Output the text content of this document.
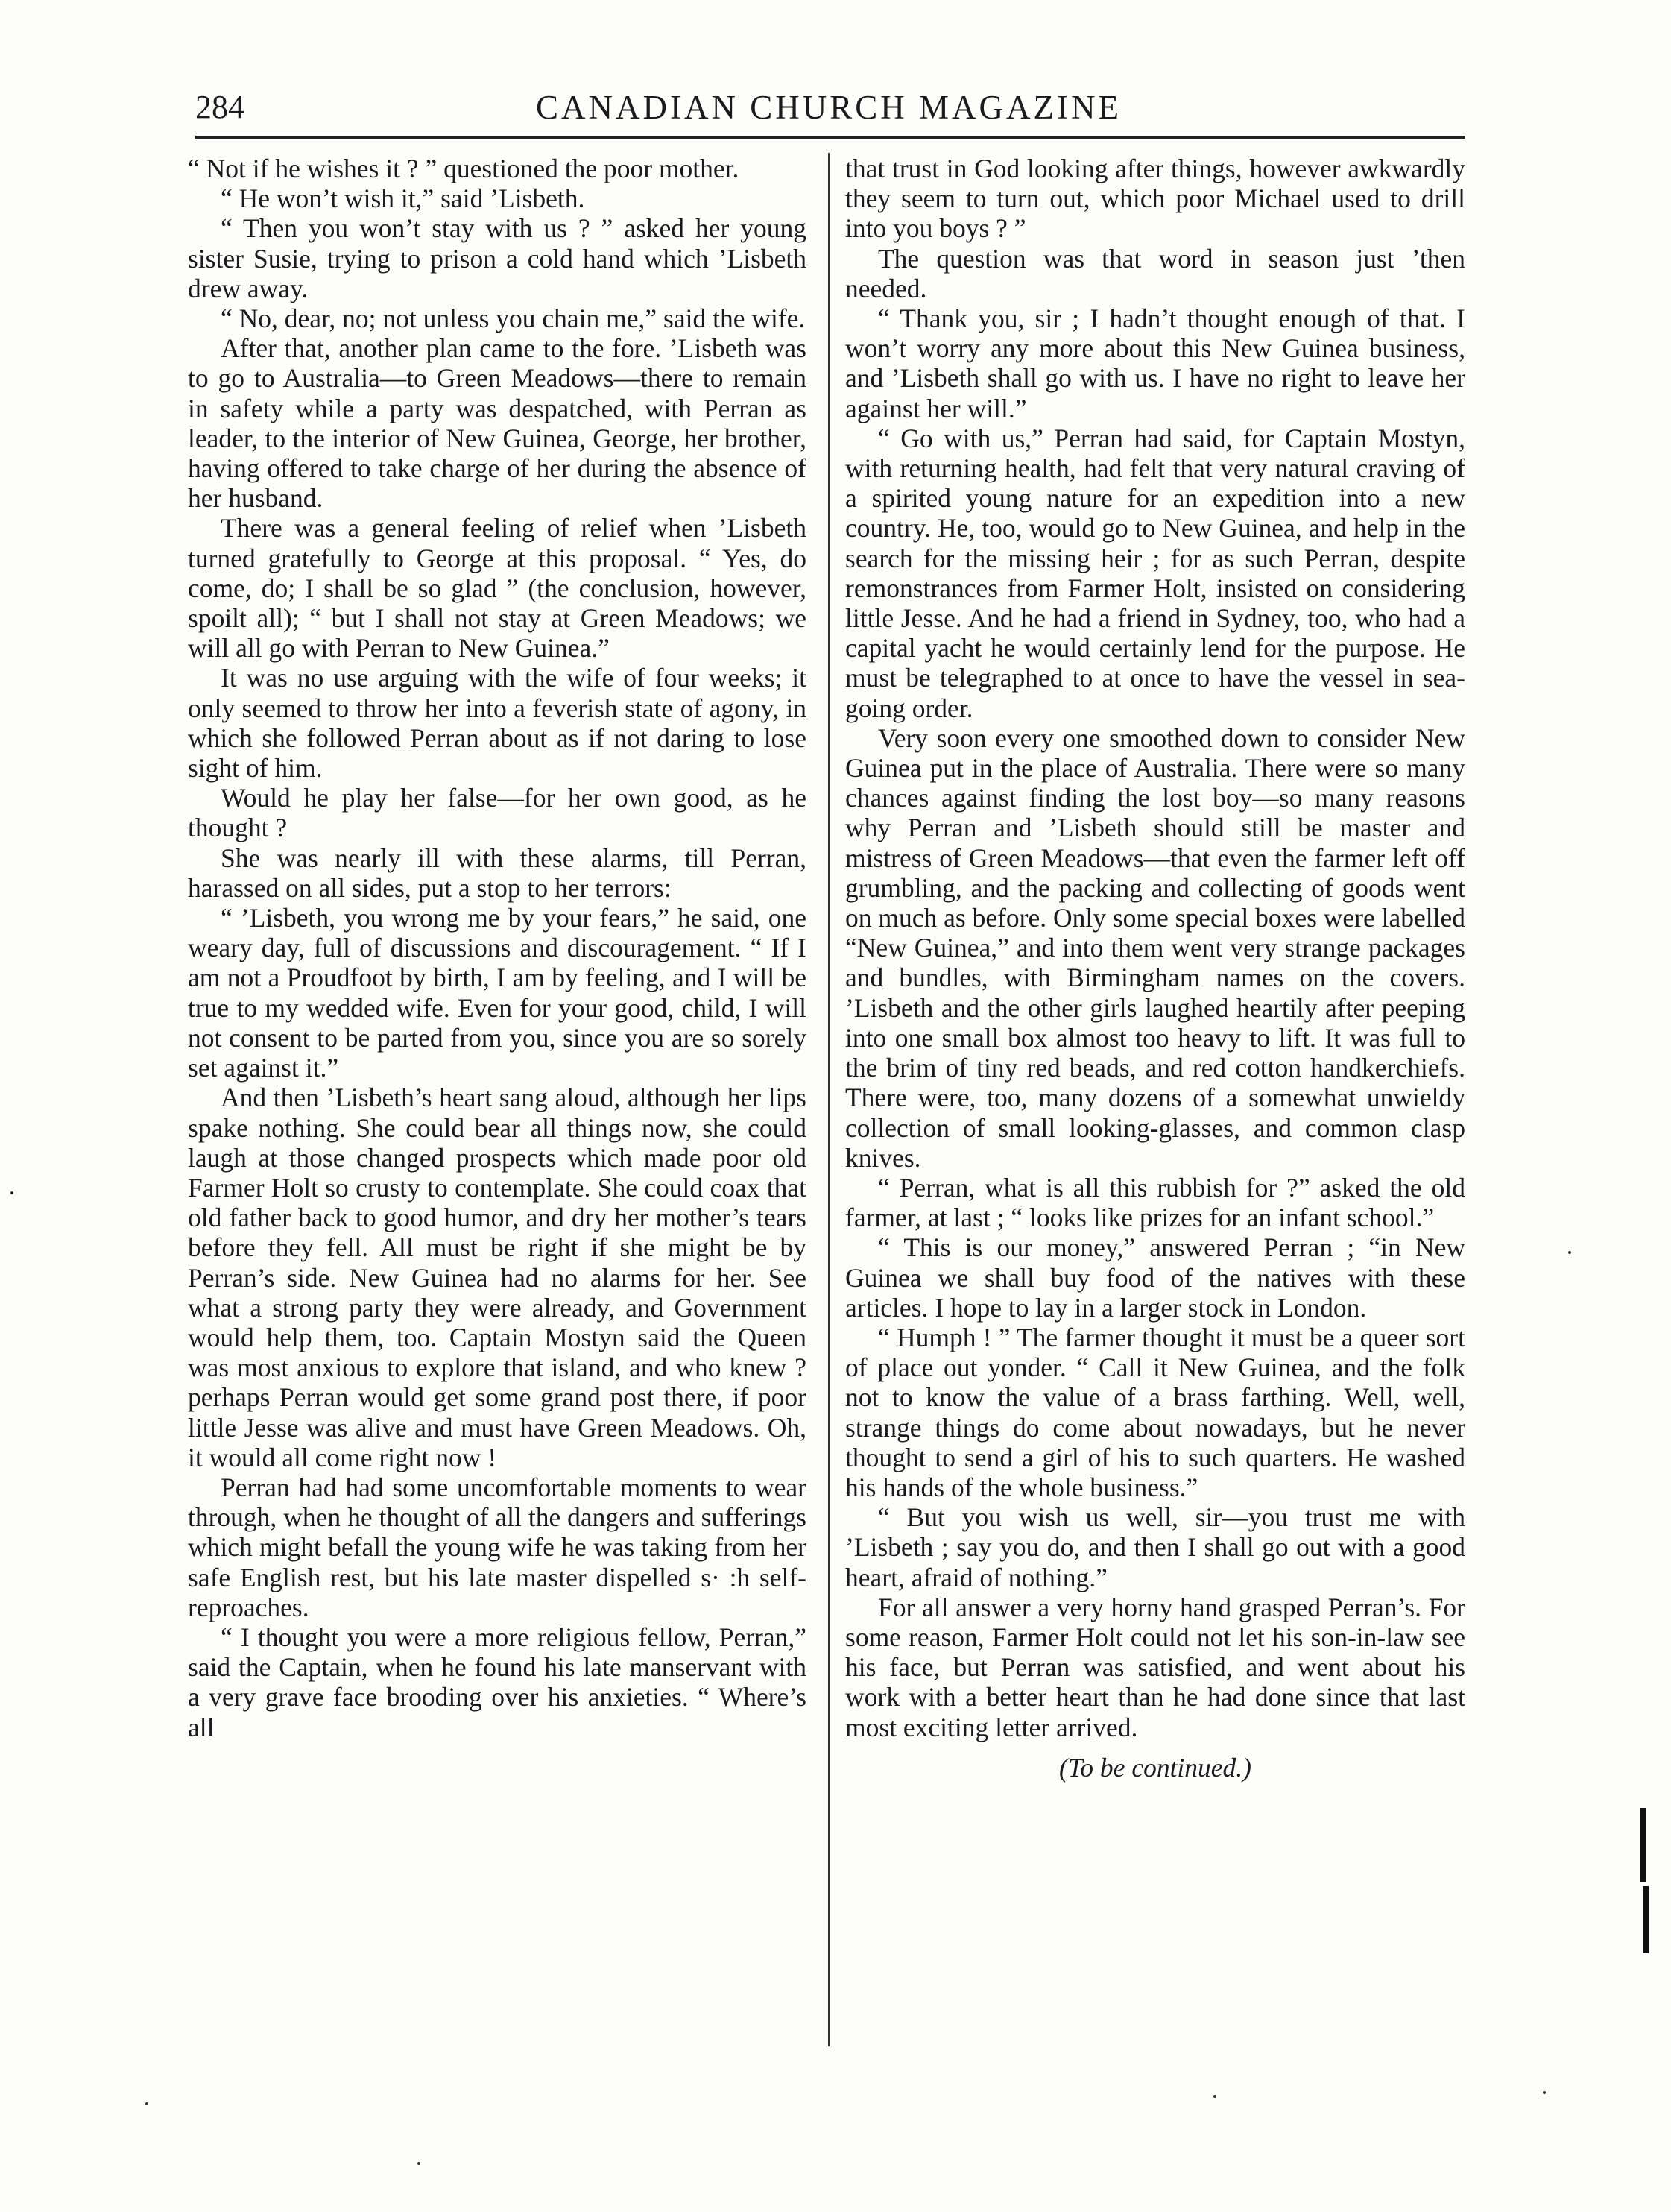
284	CANADIAN CHURCH MAGAZINE

“ Not if he wishes it ? ” questioned the poor mother.

“ He won’t wish it,” said ’Lisbeth.

“ Then you won’t stay with us ? ” asked her young sister Susie, trying to prison a cold hand which ’Lisbeth drew away.

“ No, dear, no; not unless you chain me,” said the wife.

After that, another plan came to the fore. ’Lisbeth was to go to Australia—to Green Meadows—there to remain in safety while a party was despatched, with Perran as leader, to the interior of New Guinea, George, her brother, having offered to take charge of her during the absence of her husband.

There was a general feeling of relief when ’Lisbeth turned gratefully to George at this proposal. “ Yes, do come, do; I shall be so glad ” (the conclusion, however, spoilt all); “ but I shall not stay at Green Meadows; we will all go with Perran to New Guinea.”

It was no use arguing with the wife of four weeks; it only seemed to throw her into a feverish state of agony, in which she followed Perran about as if not daring to lose sight of him.

Would he play her false—for her own good, as he thought ?

She was nearly ill with these alarms, till Perran, harassed on all sides, put a stop to her terrors:

“ ’Lisbeth, you wrong me by your fears,” he said, one weary day, full of discussions and discouragement. “ If I am not a Proudfoot by birth, I am by feeling, and I will be true to my wedded wife. Even for your good, child, I will not consent to be parted from you, since you are so sorely set against it.”

And then ’Lisbeth’s heart sang aloud, although her lips spake nothing. She could bear all things now, she could laugh at those changed prospects which made poor old Farmer Holt so crusty to contemplate. She could coax that old father back to good humor, and dry her mother’s tears before they fell. All must be right if she might be by Perran’s side. New Guinea had no alarms for her. See what a strong party they were already, and Government would help them, too. Captain Mostyn said the Queen was most anxious to explore that island, and who knew ? perhaps Perran would get some grand post there, if poor little Jesse was alive and must have Green Meadows. Oh, it would all come right now !

Perran had had some uncomfortable moments to wear through, when he thought of all the dangers and sufferings which might befall the young wife he was taking from her safe English rest, but his late master dispelled s· :h self-reproaches.

“ I thought you were a more religious fellow, Perran,” said the Captain, when he found his late manservant with a very grave face brooding over his anxieties. “ Where’s all

that trust in God looking after things, however awkwardly they seem to turn out, which poor Michael used to drill into you boys ? ”

The question was that word in season just ’then needed.

“ Thank you, sir ; I hadn’t thought enough of that. I won’t worry any more about this New Guinea business, and ’Lisbeth shall go with us. I have no right to leave her against her will.”

“ Go with us,” Perran had said, for Captain Mostyn, with returning health, had felt that very natural craving of a spirited young nature for an expedition into a new country. He, too, would go to New Guinea, and help in the search for the missing heir ; for as such Perran, despite remonstrances from Farmer Holt, insisted on considering little Jesse. And he had a friend in Sydney, too, who had a capital yacht he would certainly lend for the purpose. He must be telegraphed to at once to have the vessel in sea-going order.

Very soon every one smoothed down to consider New Guinea put in the place of Australia. There were so many chances against finding the lost boy—so many reasons why Perran and ’Lisbeth should still be master and mistress of Green Meadows—that even the farmer left off grumbling, and the packing and collecting of goods went on much as before. Only some special boxes were labelled “New Guinea,” and into them went very strange packages and bundles, with Birmingham names on the covers. ’Lisbeth and the other girls laughed heartily after peeping into one small box almost too heavy to lift. It was full to the brim of tiny red beads, and red cotton handkerchiefs. There were, too, many dozens of a somewhat unwieldy collection of small looking-glasses, and common clasp knives.

“ Perran, what is all this rubbish for ?” asked the old farmer, at last ; “ looks like prizes for an infant school.”

“ This is our money,” answered Perran ; “in New Guinea we shall buy food of the natives with these articles. I hope to lay in a larger stock in London.

“ Humph ! ” The farmer thought it must be a queer sort of place out yonder. “ Call it New Guinea, and the folk not to know the value of a brass farthing. Well, well, strange things do come about nowadays, but he never thought to send a girl of his to such quarters. He washed his hands of the whole business.”

“ But you wish us well, sir—you trust me with ’Lisbeth ; say you do, and then I shall go out with a good heart, afraid of nothing.”

For all answer a very horny hand grasped Perran’s. For some reason, Farmer Holt could not let his son-in-law see his face, but Perran was satisfied, and went about his work with a better heart than he had done since that last most exciting letter arrived.

(To be continued.)
